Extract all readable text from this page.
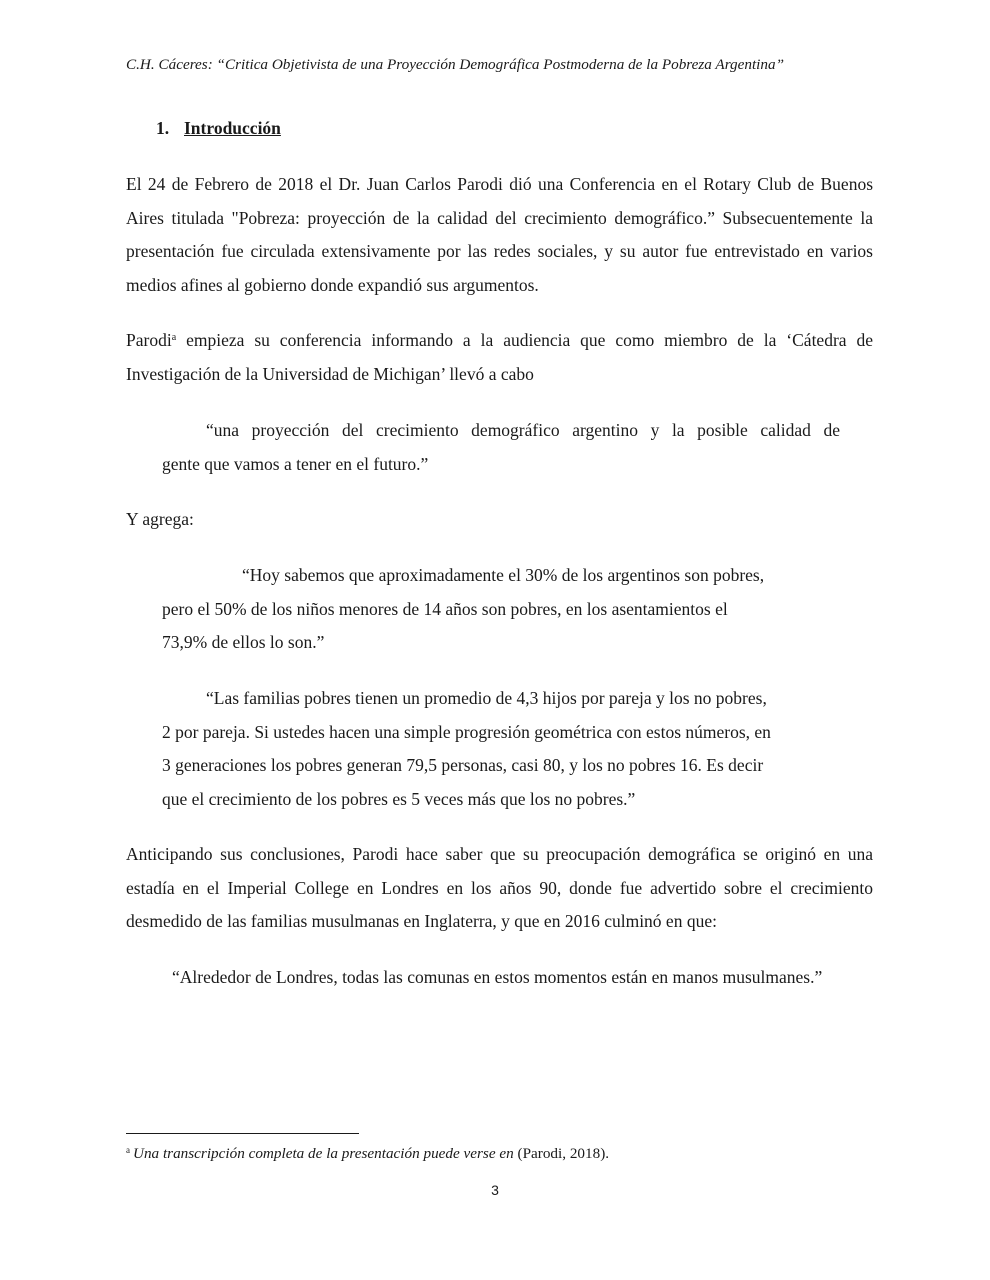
C.H. Cáceres: “Critica Objetivista de una Proyección Demográfica Postmoderna de la Pobreza Argentina”
1. Introducción

El 24 de Febrero de 2018 el Dr. Juan Carlos Parodi dió una Conferencia en el Rotary Club de Buenos Aires titulada "Pobreza: proyección de la calidad del crecimiento demográfico.” Subsecuentemente la presentación fue circulada extensivamente por las redes sociales, y su autor fue entrevistado en varios medios afines al gobierno donde expandió sus argumentos.

Parodi$^a$ empieza su conferencia informando a la audiencia que como miembro de la ‘Cátedra de Investigación de la Universidad de Michigan’ llevó a cabo

“una proyección del crecimiento demográfico argentino y la posible calidad de
gente que vamos a tener en el futuro.”

Y agrega:

“Hoy sabemos que aproximadamente el 30% de los argentinos son pobres,
pero el 50% de los niños menores de 14 años son pobres, en los asentamientos el
73,9% de ellos lo son.”
“Las familias pobres tienen un promedio de 4,3 hijos por pareja y los no pobres,
2 por pareja. Si ustedes hacen una simple progresión geométrica con estos números, en
3 generaciones los pobres generan 79,5 personas, casi 80, y los no pobres 16. Es decir
que el crecimiento de los pobres es 5 veces más que los no pobres.”

Anticipando sus conclusiones, Parodi hace saber que su preocupación demográfica se originó en una estadía en el Imperial College en Londres en los años 90, donde fue advertido sobre el crecimiento desmedido de las familias musulmanas en Inglaterra, y que en 2016 culminó en que:

“Alrededor de Londres, todas las comunas en estos momentos están en manos musulmanes.”

$^a$ Una transcripción completa de la presentación puede verse en (Parodi, 2018).
3
